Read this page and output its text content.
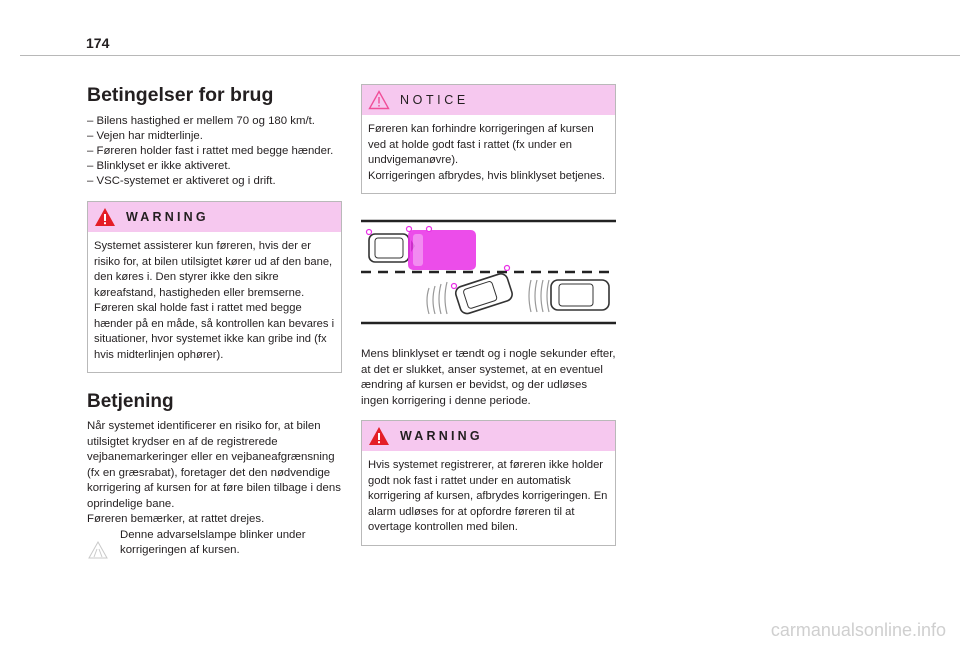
174
Betingelser for brug
– Bilens hastighed er mellem 70 og 180 km/t.
– Vejen har midterlinje.
– Føreren holder fast i rattet med begge hænder.
– Blinklyset er ikke aktiveret.
– VSC-systemet er aktiveret og i drift.
WARNING

Systemet assisterer kun føreren, hvis der er risiko for, at bilen utilsigtet kører ud af den bane, den køres i. Den styrer ikke den sikre køreafstand, hastigheden eller bremserne. Føreren skal holde fast i rattet med begge hænder på en måde, så kontrollen kan bevares i situationer, hvor systemet ikke kan gribe ind (fx hvis midterlinjen ophører).

Betjening

Når systemet identificerer en risiko for, at bilen utilsigtet krydser en af de registrerede vejbanemarkeringer eller en vejbaneafgrænsning (fx en græsrabat), foretager det den nødvendige korrigering af kursen for at føre bilen tilbage i dens oprindelige bane.

Føreren bemærker, at rattet drejes.

Denne advarselslampe blinker under korrigeringen af kursen.

NOTICE

Føreren kan forhindre korrigeringen af kursen ved at holde godt fast i rattet (fx under en undvigemanøvre).

Korrigeringen afbrydes, hvis blinklyset betjenes.

Mens blinklyset er tændt og i nogle sekunder efter, at det er slukket, anser systemet, at en eventuel ændring af kursen er bevidst, og der udløses ingen korrigering i denne periode.

WARNING

Hvis systemet registrerer, at føreren ikke holder godt nok fast i rattet under en automatisk korrigering af kursen, afbrydes korrigeringen. En alarm udløses for at opfordre føreren til at overtage kontrollen med bilen.

carmanualsonline.info
